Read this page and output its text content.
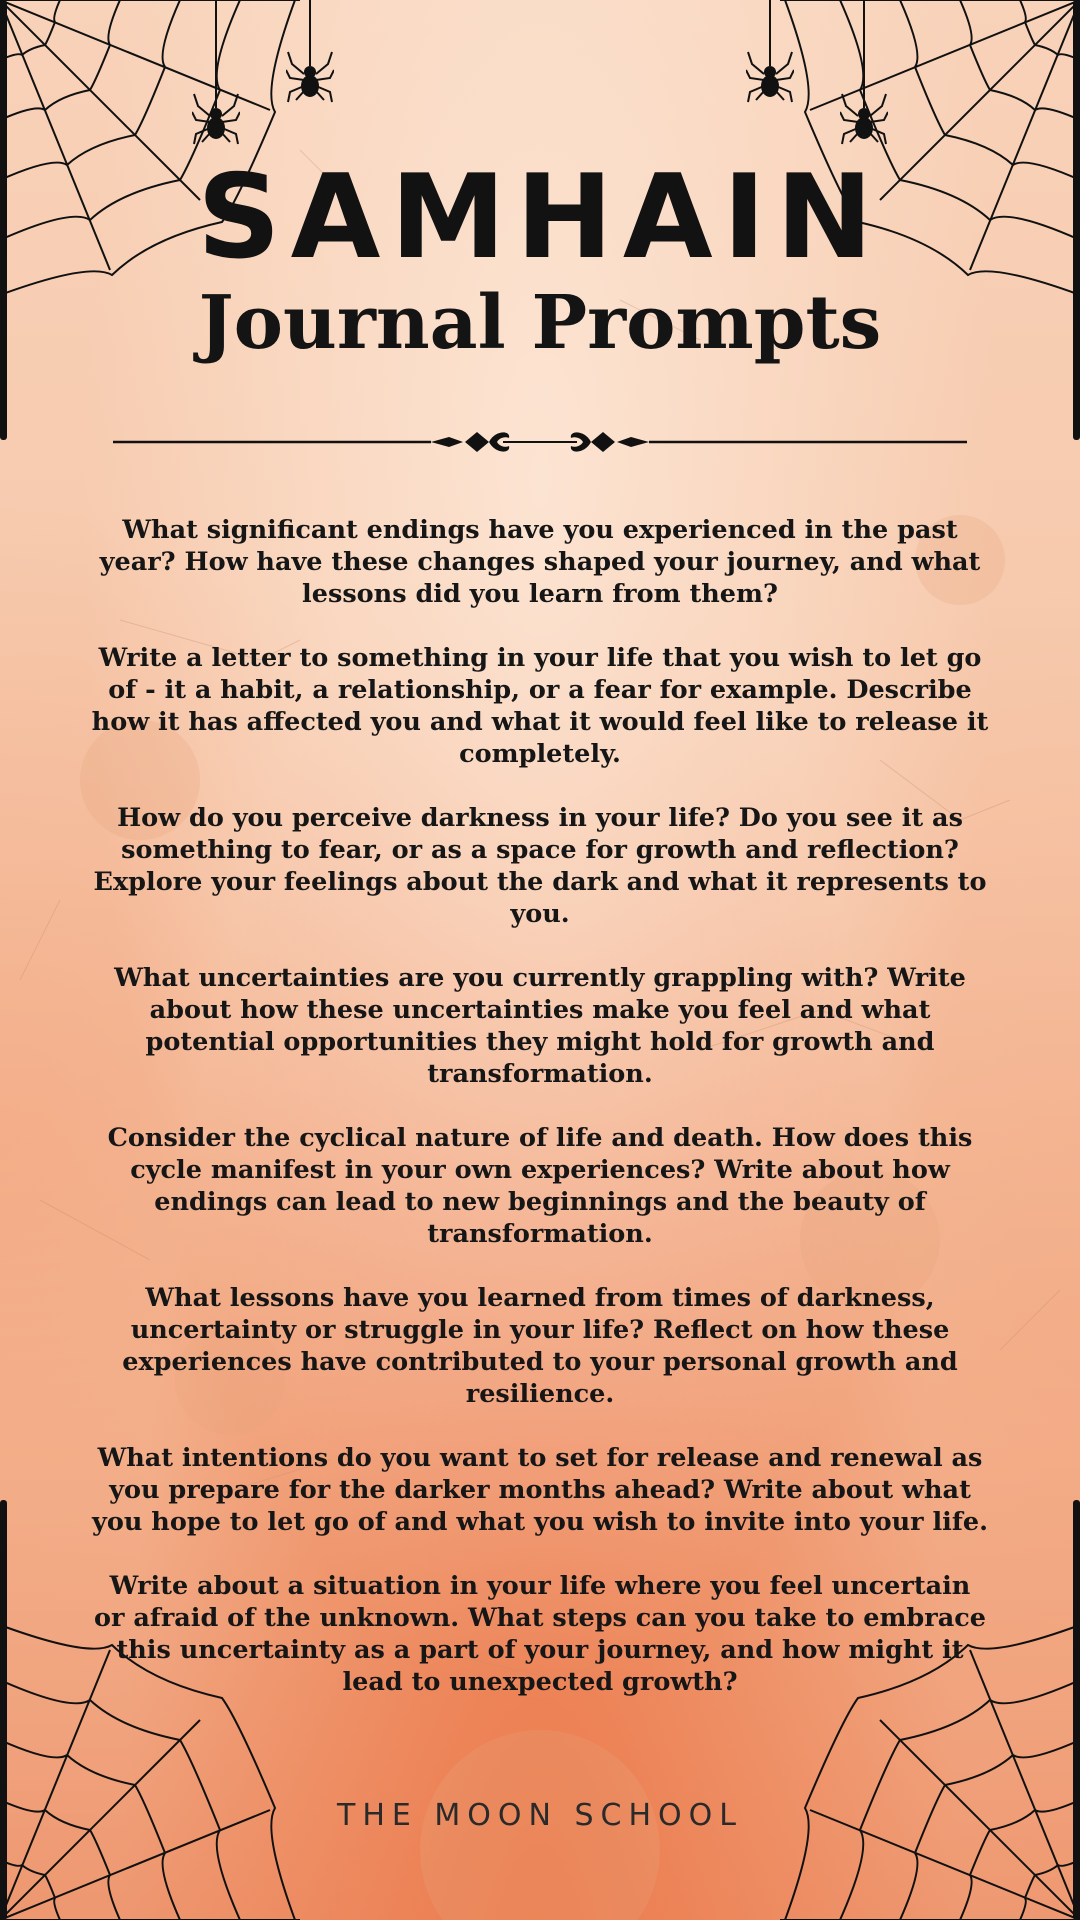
SAMHAIN
Journal Prompts

What significant endings have you experienced in the past year? How have these changes shaped your journey, and what lessons did you learn from them?

Write a letter to something in your life that you wish to let go of - it a habit, a relationship, or a fear for example. Describe how it has affected you and what it would feel like to release it completely.

How do you perceive darkness in your life? Do you see it as something to fear, or as a space for growth and reflection? Explore your feelings about the dark and what it represents to you.

What uncertainties are you currently grappling with? Write about how these uncertainties make you feel and what potential opportunities they might hold for growth and transformation.

Consider the cyclical nature of life and death. How does this cycle manifest in your own experiences? Write about how endings can lead to new beginnings and the beauty of transformation.

What lessons have you learned from times of darkness, uncertainty or struggle in your life? Reflect on how these experiences have contributed to your personal growth and resilience.

What intentions do you want to set for release and renewal as you prepare for the darker months ahead? Write about what you hope to let go of and what you wish to invite into your life.

Write about a situation in your life where you feel uncertain or afraid of the unknown. What steps can you take to embrace this uncertainty as a part of your journey, and how might it lead to unexpected growth?

THE MOON SCHOOL
